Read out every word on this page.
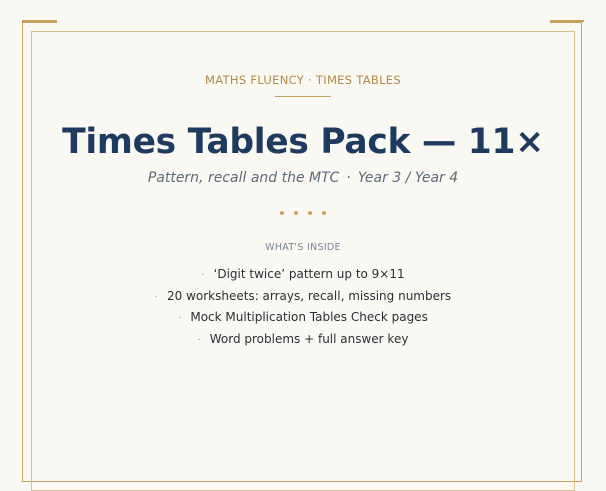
MATHS FLUENCY · TIMES TABLES
Times Tables Pack — 11×
Pattern, recall and the MTC · Year 3 / Year 4
WHAT'S INSIDE
· ‘Digit twice’ pattern up to 9×11
· 20 worksheets: arrays, recall, missing numbers
· Mock Multiplication Tables Check pages
· Word problems + full answer key
